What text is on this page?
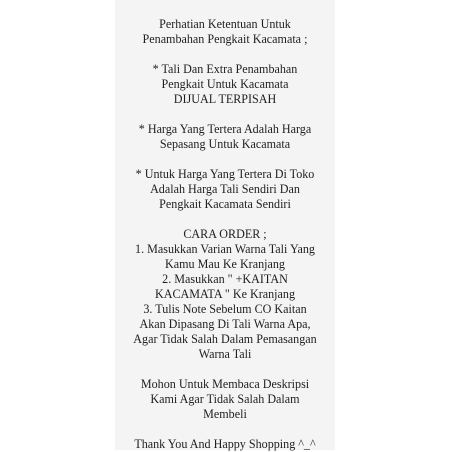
Perhatian Ketentuan Untuk
Penambahan Pengkait Kacamata ;
* Tali Dan Extra Penambahan
Pengkait Untuk Kacamata
DIJUAL TERPISAH
* Harga Yang Tertera Adalah Harga
Sepasang Untuk Kacamata
* Untuk Harga Yang Tertera Di Toko
Adalah Harga Tali Sendiri Dan
Pengkait Kacamata Sendiri
CARA ORDER ;
1. Masukkan Varian Warna Tali Yang
Kamu Mau Ke Kranjang
2. Masukkan " +KAITAN
KACAMATA " Ke Kranjang
3. Tulis Note Sebelum CO Kaitan
Akan Dipasang Di Tali Warna Apa,
Agar Tidak Salah Dalam Pemasangan
Warna Tali
Mohon Untuk Membaca Deskripsi
Kami Agar Tidak Salah Dalam
Membeli
Thank You And Happy Shopping ^_^
